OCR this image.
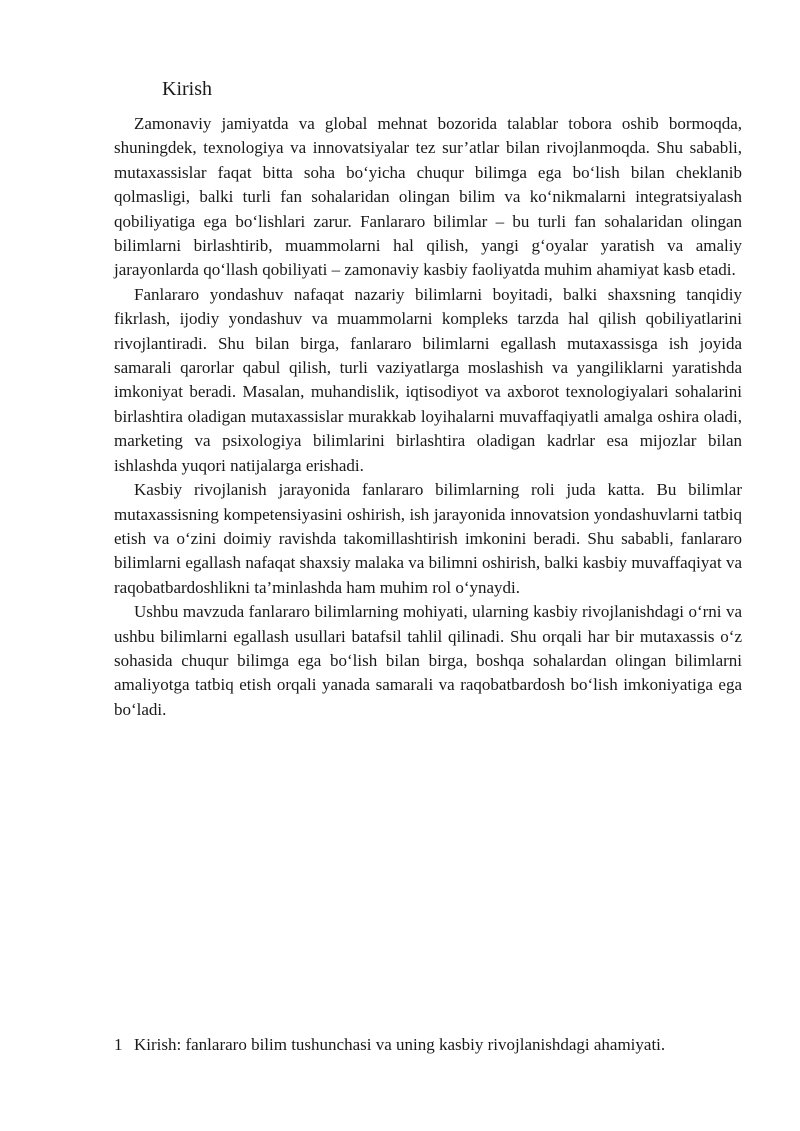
Kirish

Zamonaviy jamiyatda va global mehnat bozorida talablar tobora oshib bormoqda, shuningdek, texnologiya va innovatsiyalar tez sur’atlar bilan rivojlanmoqda. Shu sababli, mutaxassislar faqat bitta soha bo‘yicha chuqur bilimga ega bo‘lish bilan cheklanib qolmasligi, balki turli fan sohalaridan olingan bilim va ko‘nikmalarni integratsiyalash qobiliyatiga ega bo‘lishlari zarur. Fanlararo bilimlar – bu turli fan sohalaridan olingan bilimlarni birlashtirib, muammolarni hal qilish, yangi g‘oyalar yaratish va amaliy jarayonlarda qo‘llash qobiliyati – zamonaviy kasbiy faoliyatda muhim ahamiyat kasb etadi.

Fanlararo yondashuv nafaqat nazariy bilimlarni boyitadi, balki shaxsning tanqidiy fikrlash, ijodiy yondashuv va muammolarni kompleks tarzda hal qilish qobiliyatlarini rivojlantiradi. Shu bilan birga, fanlararo bilimlarni egallash mutaxassisga ish joyida samarali qarorlar qabul qilish, turli vaziyatlarga moslashish va yangiliklarni yaratishda imkoniyat beradi. Masalan, muhandislik, iqtisodiyot va axborot texnologiyalari sohalarini birlashtira oladigan mutaxassislar murakkab loyihalarni muvaffaqiyatli amalga oshira oladi, marketing va psixologiya bilimlarini birlashtira oladigan kadrlar esa mijozlar bilan ishlashda yuqori natijalarga erishadi.

Kasbiy rivojlanish jarayonida fanlararo bilimlarning roli juda katta. Bu bilimlar mutaxassisning kompetensiyasini oshirish, ish jarayonida innovatsion yondashuvlarni tatbiq etish va o‘zini doimiy ravishda takomillashtirish imkonini beradi. Shu sababli, fanlararo bilimlarni egallash nafaqat shaxsiy malaka va bilimni oshirish, balki kasbiy muvaffaqiyat va raqobatbardoshlikni ta’minlashda ham muhim rol o‘ynaydi.

Ushbu mavzuda fanlararo bilimlarning mohiyati, ularning kasbiy rivojlanishdagi o‘rni va ushbu bilimlarni egallash usullari batafsil tahlil qilinadi. Shu orqali har bir mutaxassis o‘z sohasida chuqur bilimga ega bo‘lish bilan birga, boshqa sohalardan olingan bilimlarni amaliyotga tatbiq etish orqali yanada samarali va raqobatbardosh bo‘lish imkoniyatiga ega bo‘ladi.

1 Kirish: fanlararo bilim tushunchasi va uning kasbiy rivojlanishdagi ahamiyati.
